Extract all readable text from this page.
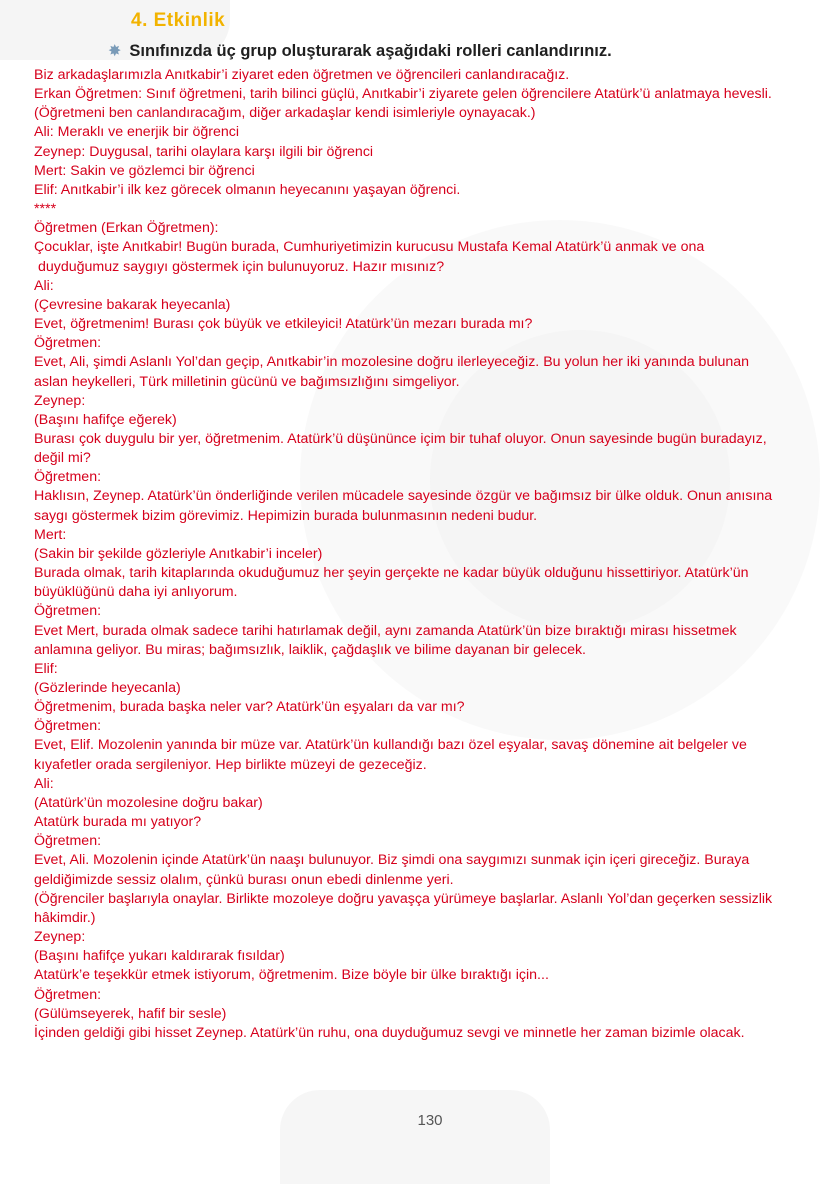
4. Etkinlik
✸ Sınıfınızda üç grup oluşturarak aşağıdaki rolleri canlandırınız.
Biz arkadaşlarımızla Anıtkabir’i ziyaret eden öğretmen ve öğrencileri canlandıracağız.
Erkan Öğretmen: Sınıf öğretmeni, tarih bilinci güçlü, Anıtkabir’i ziyarete gelen öğrencilere Atatürk’ü anlatmaya hevesli.
(Öğretmeni ben canlandıracağım, diğer arkadaşlar kendi isimleriyle oynayacak.)
Ali: Meraklı ve enerjik bir öğrenci
Zeynep: Duygusal, tarihi olaylara karşı ilgili bir öğrenci
Mert: Sakin ve gözlemci bir öğrenci
Elif: Anıtkabir’i ilk kez görecek olmanın heyecanını yaşayan öğrenci.
****
Öğretmen (Erkan Öğretmen):
Çocuklar, işte Anıtkabir! Bugün burada, Cumhuriyetimizin kurucusu Mustafa Kemal Atatürk’ü anmak ve ona
duyduğumuz saygıyı göstermek için bulunuyoruz. Hazır mısınız?
Ali:
(Çevresine bakarak heyecanla)
Evet, öğretmenim! Burası çok büyük ve etkileyici! Atatürk’ün mezarı burada mı?
Öğretmen:
Evet, Ali, şimdi Aslanlı Yol’dan geçip, Anıtkabir’in mozolesine doğru ilerleyeceğiz. Bu yolun her iki yanında bulunan
aslan heykelleri, Türk milletinin gücünü ve bağımsızlığını simgeliyor.
Zeynep:
(Başını hafifçe eğerek)
Burası çok duygulu bir yer, öğretmenim. Atatürk’ü düşününce içim bir tuhaf oluyor. Onun sayesinde bugün buradayız,
değil mi?
Öğretmen:
Haklısın, Zeynep. Atatürk’ün önderliğinde verilen mücadele sayesinde özgür ve bağımsız bir ülke olduk. Onun anısına
saygı göstermek bizim görevimiz. Hepimizin burada bulunmasının nedeni budur.
Mert:
(Sakin bir şekilde gözleriyle Anıtkabir’i inceler)
Burada olmak, tarih kitaplarında okuduğumuz her şeyin gerçekte ne kadar büyük olduğunu hissettiriyor. Atatürk’ün
büyüklüğünü daha iyi anlıyorum.
Öğretmen:
Evet Mert, burada olmak sadece tarihi hatırlamak değil, aynı zamanda Atatürk’ün bize bıraktığı mirası hissetmek
anlamına geliyor. Bu miras; bağımsızlık, laiklik, çağdaşlık ve bilime dayanan bir gelecek.
Elif:
(Gözlerinde heyecanla)
Öğretmenim, burada başka neler var? Atatürk’ün eşyaları da var mı?
Öğretmen:
Evet, Elif. Mozolenin yanında bir müze var. Atatürk’ün kullandığı bazı özel eşyalar, savaş dönemine ait belgeler ve
kıyafetler orada sergileniyor. Hep birlikte müzeyi de gezeceğiz.
Ali:
(Atatürk’ün mozolesine doğru bakar)
Atatürk burada mı yatıyor?
Öğretmen:
Evet, Ali. Mozolenin içinde Atatürk’ün naaşı bulunuyor. Biz şimdi ona saygımızı sunmak için içeri gireceğiz. Buraya
geldiğimizde sessiz olalım, çünkü burası onun ebedi dinlenme yeri.
(Öğrenciler başlarıyla onaylar. Birlikte mozoleye doğru yavaşça yürümeye başlarlar. Aslanlı Yol’dan geçerken sessizlik
hâkimdir.)
Zeynep:
(Başını hafifçe yukarı kaldırarak fısıldar)
Atatürk’e teşekkür etmek istiyorum, öğretmenim. Bize böyle bir ülke bıraktığı için...
Öğretmen:
(Gülümseyerek, hafif bir sesle)
İçinden geldiği gibi hisset Zeynep. Atatürk’ün ruhu, ona duyduğumuz sevgi ve minnetle her zaman bizimle olacak.
130
